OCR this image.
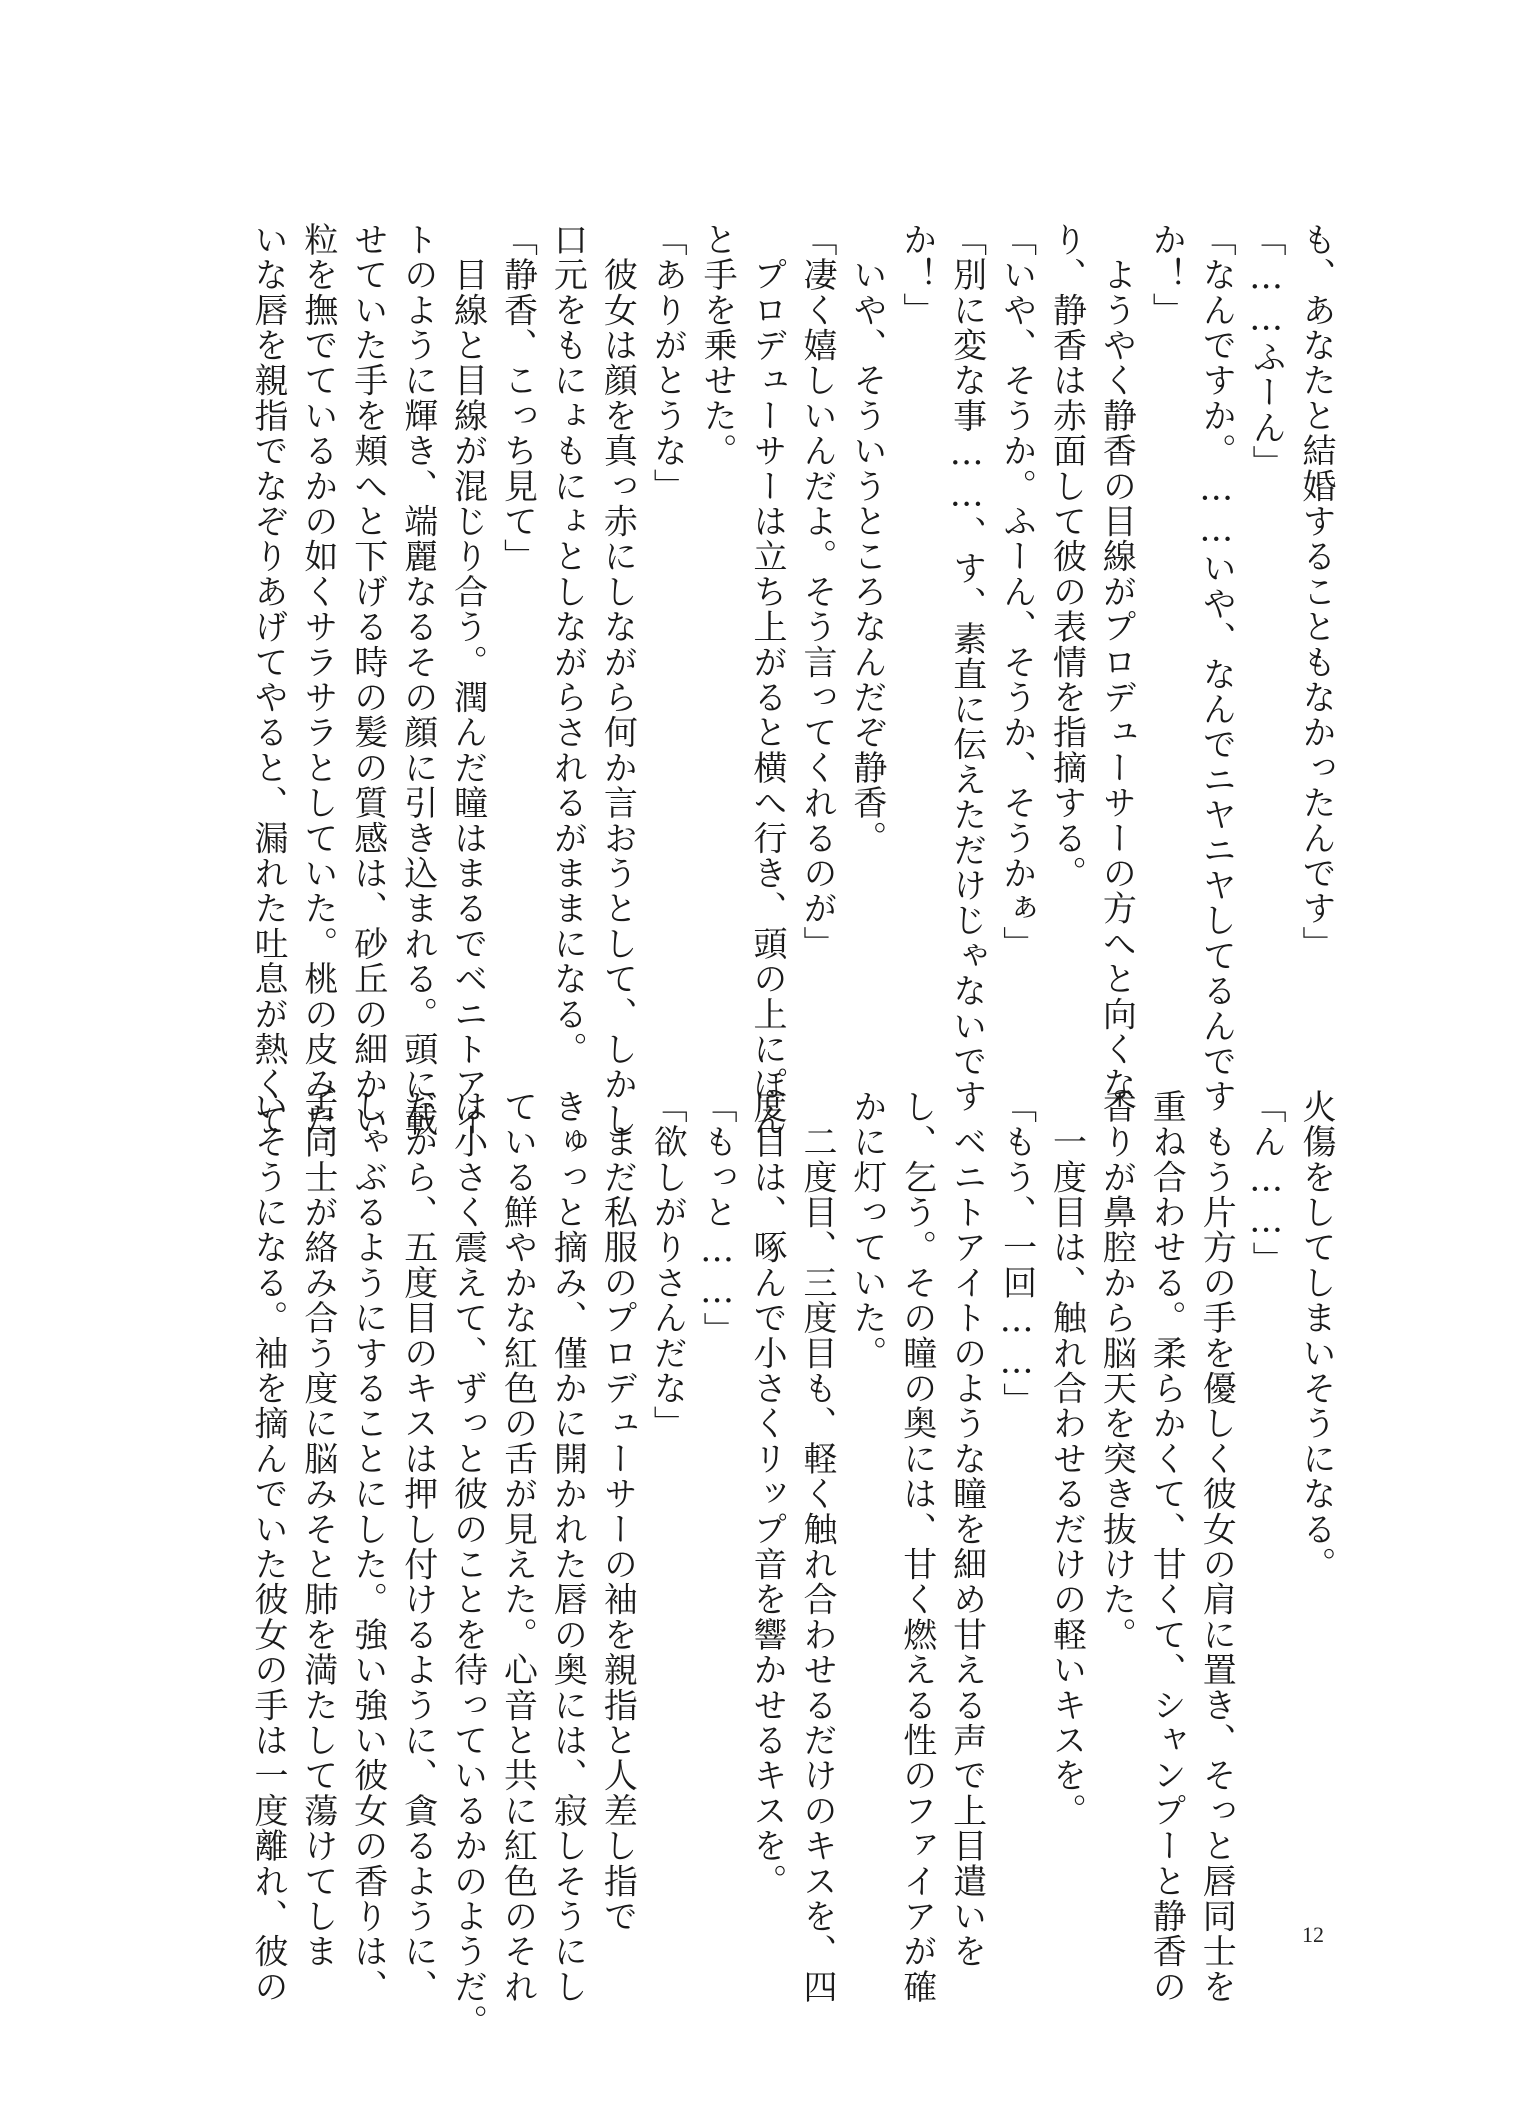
も、あなたと結婚することもなかったんです」
「……ふーん」
「なんですか。……いや、なんでニヤニヤしてるんです
か！」
　ようやく静香の目線がプロデューサーの方へと向くな
り、静香は赤面して彼の表情を指摘する。
「いや、そうか。ふーん、そうか、そうかぁ」
「別に変な事……、す、素直に伝えただけじゃないです
か！」
　いや、そういうところなんだぞ静香。
「凄く嬉しいんだよ。そう言ってくれるのが」
　プロデューサーは立ち上がると横へ行き、頭の上にぽん
と手を乗せた。
「ありがとうな」
　彼女は顔を真っ赤にしながら何か言おうとして、しかし
口元をもにょもにょとしながらされるがままになる。
「静香、こっち見て」
　目線と目線が混じり合う。潤んだ瞳はまるでベニトアイ
トのように輝き、端麗なるその顔に引き込まれる。頭に載
せていた手を頬へと下げる時の髪の質感は、砂丘の細かい
粒を撫でているかの如くサラサラとしていた。桃の皮みた
いな唇を親指でなぞりあげてやると、漏れた吐息が熱くて
火傷をしてしまいそうになる。
「ん……」
　もう片方の手を優しく彼女の肩に置き、そっと唇同士を
重ね合わせる。柔らかくて、甘くて、シャンプーと静香の
香りが鼻腔から脳天を突き抜けた。
　一度目は、触れ合わせるだけの軽いキスを。
「もう、一回……」
　ベニトアイトのような瞳を細め甘える声で上目遣いを
し、乞う。その瞳の奥には、甘く燃える性のファイアが確
かに灯っていた。
　二度目、三度目も、軽く触れ合わせるだけのキスを、四
度目は、啄んで小さくリップ音を響かせるキスを。
「もっと……」
「欲しがりさんだな」
　まだ私服のプロデューサーの袖を親指と人差し指で
きゅっと摘み、僅かに開かれた唇の奥には、寂しそうにし
ている鮮やかな紅色の舌が見えた。心音と共に紅色のそれ
は小さく震えて、ずっと彼のことを待っているかのようだ。
だから、五度目のキスは押し付けるように、貪るように、
しゃぶるようにすることにした。強い強い彼女の香りは、
舌同士が絡み合う度に脳みそと肺を満たして蕩けてしま
いそうになる。袖を摘んでいた彼女の手は一度離れ、彼の	12
